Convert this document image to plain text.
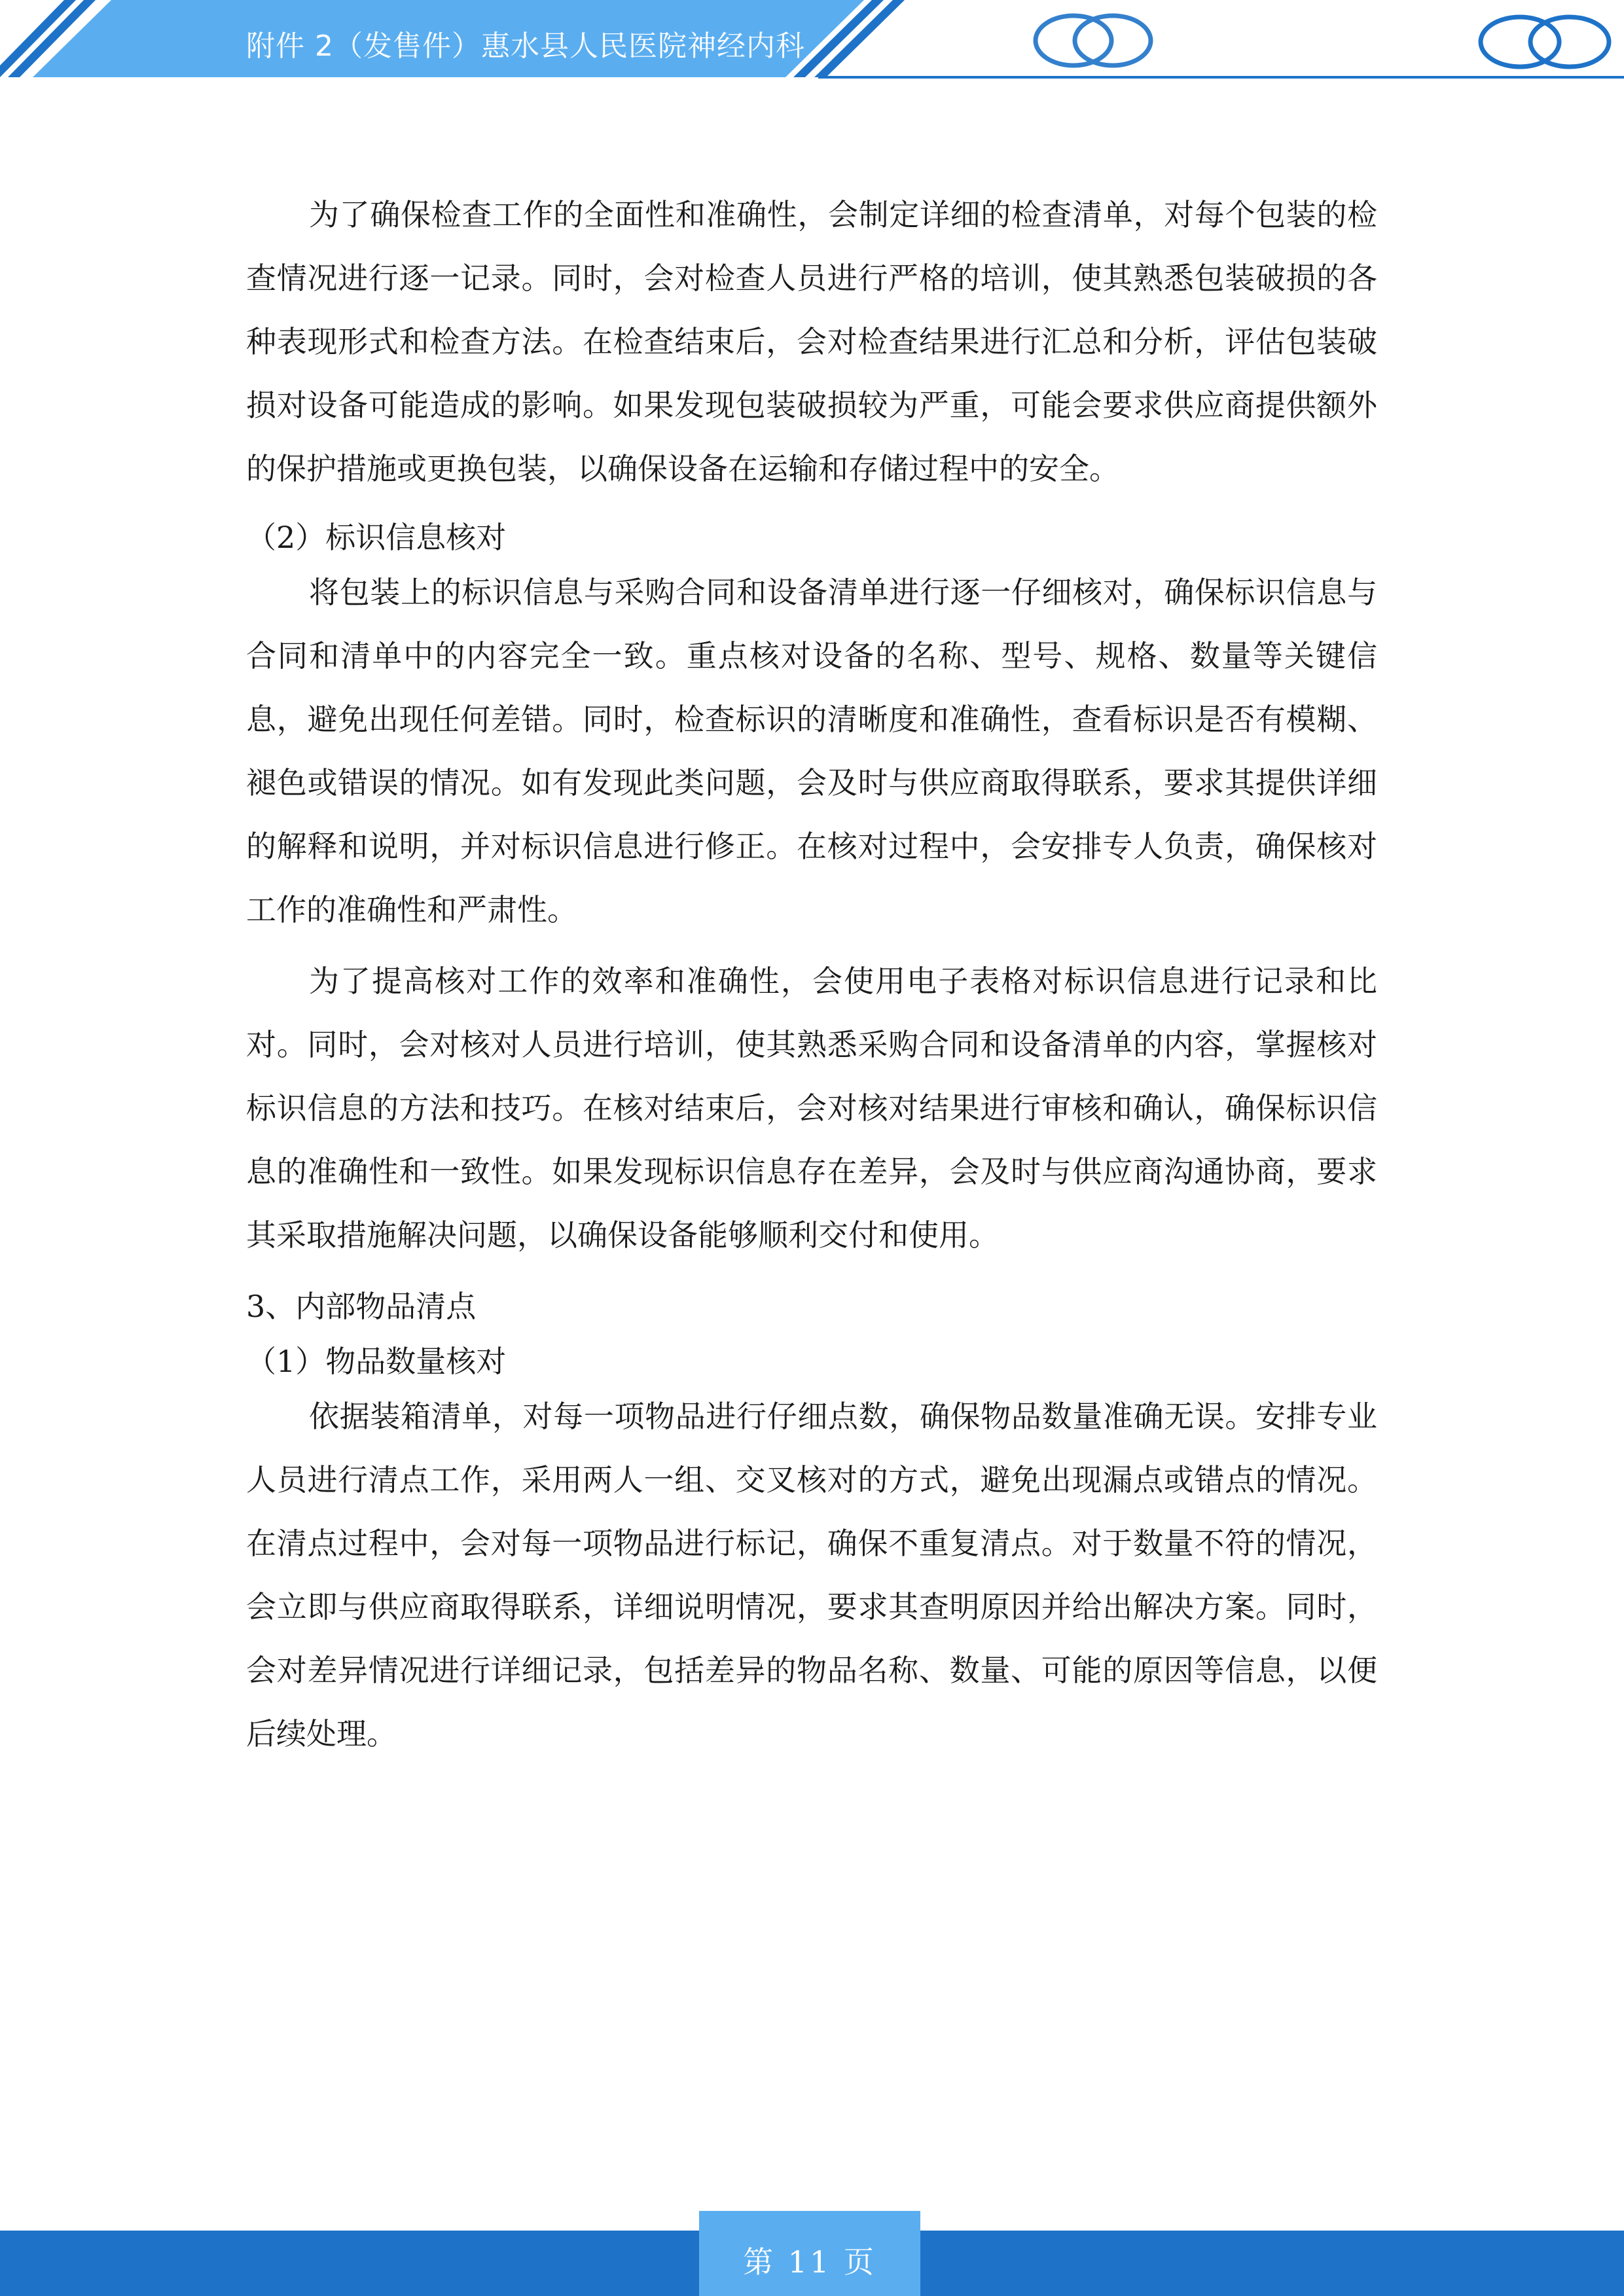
附件 2（发售件）惠水县人民医院神经内科

为了确保检查工作的全面性和准确性，会制定详细的检查清单，对每个包装的检查情况进行逐一记录。同时，会对检查人员进行严格的培训，使其熟悉包装破损的各种表现形式和检查方法。在检查结束后，会对检查结果进行汇总和分析，评估包装破损对设备可能造成的影响。如果发现包装破损较为严重，可能会要求供应商提供额外的保护措施或更换包装，以确保设备在运输和存储过程中的安全。

（2）标识信息核对

将包装上的标识信息与采购合同和设备清单进行逐一仔细核对，确保标识信息与合同和清单中的内容完全一致。重点核对设备的名称、型号、规格、数量等关键信息，避免出现任何差错。同时，检查标识的清晰度和准确性，查看标识是否有模糊、褪色或错误的情况。如有发现此类问题，会及时与供应商取得联系，要求其提供详细的解释和说明，并对标识信息进行修正。在核对过程中，会安排专人负责，确保核对工作的准确性和严肃性。

为了提高核对工作的效率和准确性，会使用电子表格对标识信息进行记录和比对。同时，会对核对人员进行培训，使其熟悉采购合同和设备清单的内容，掌握核对标识信息的方法和技巧。在核对结束后，会对核对结果进行审核和确认，确保标识信息的准确性和一致性。如果发现标识信息存在差异，会及时与供应商沟通协商，要求其采取措施解决问题，以确保设备能够顺利交付和使用。

3、内部物品清点

（1）物品数量核对

依据装箱清单，对每一项物品进行仔细点数，确保物品数量准确无误。安排专业人员进行清点工作，采用两人一组、交叉核对的方式，避免出现漏点或错点的情况。在清点过程中，会对每一项物品进行标记，确保不重复清点。对于数量不符的情况，会立即与供应商取得联系，详细说明情况，要求其查明原因并给出解决方案。同时，会对差异情况进行详细记录，包括差异的物品名称、数量、可能的原因等信息，以便后续处理。

第 11 页
